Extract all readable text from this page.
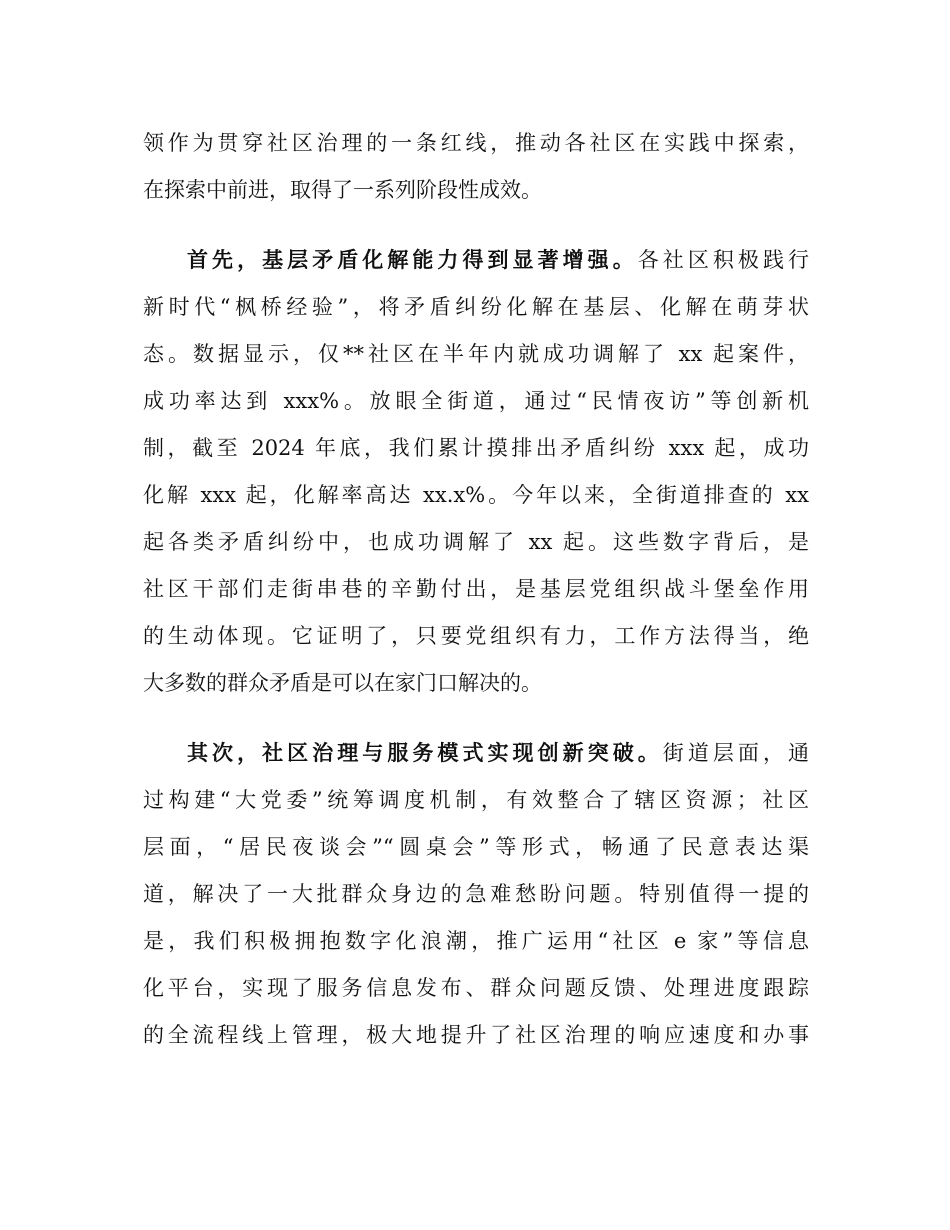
领作为贯穿社区治理的一条红线，推动各社区在实践中探索，
在探索中前进，取得了一系列阶段性成效。

首先，基层矛盾化解能力得到显著增强。各社区积极践行
新时代“枫桥经验”，将矛盾纠纷化解在基层、化解在萌芽状
态。数据显示，仅**社区在半年内就成功调解了 xx 起案件，
成功率达到 xxx%。放眼全街道，通过“民情夜访”等创新机
制，截至 2024 年底，我们累计摸排出矛盾纠纷 xxx 起，成功
化解 xxx 起，化解率高达 xx.x%。今年以来，全街道排查的 xx
起各类矛盾纠纷中，也成功调解了 xx 起。这些数字背后，是
社区干部们走街串巷的辛勤付出，是基层党组织战斗堡垒作用
的生动体现。它证明了，只要党组织有力，工作方法得当，绝
大多数的群众矛盾是可以在家门口解决的。

其次，社区治理与服务模式实现创新突破。街道层面，通
过构建“大党委”统筹调度机制，有效整合了辖区资源；社区
层面，“居民夜谈会”“圆桌会”等形式，畅通了民意表达渠
道，解决了一大批群众身边的急难愁盼问题。特别值得一提的
是，我们积极拥抱数字化浪潮，推广运用“社区 e 家”等信息
化平台，实现了服务信息发布、群众问题反馈、处理进度跟踪
的全流程线上管理，极大地提升了社区治理的响应速度和办事
